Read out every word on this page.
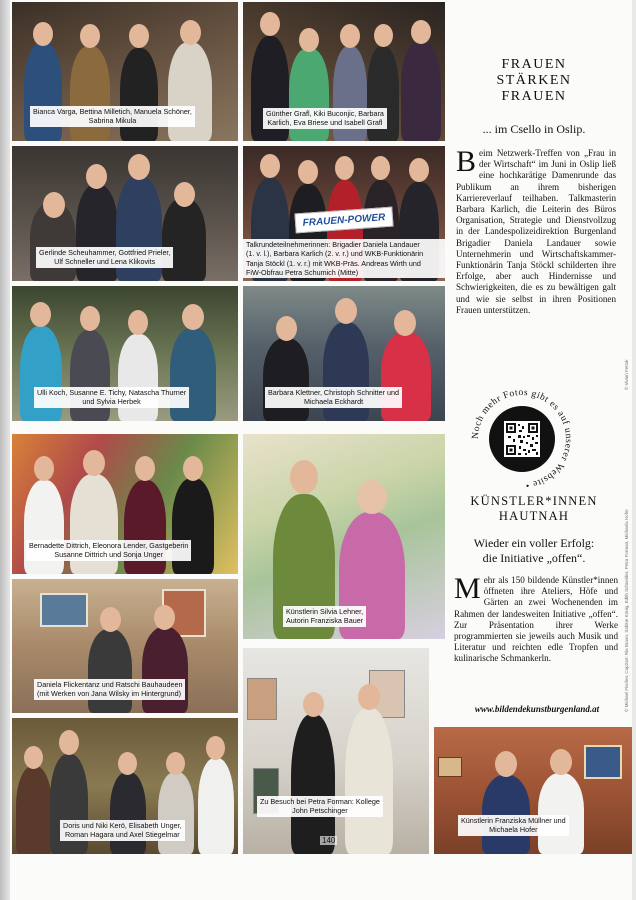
Bianca Varga, Bettina Milletich, Manuela Schöner,
Sabrina Mikula
Günther Grafl, Kiki Buconjic, Barbara
Karlich, Eva Briese und Isabell Grafl
Gerlinde Scheuhammer, Gottfried Prieler,
Ulf Schneller und Lena Klikovits
FRAUEN-POWER
Talkrundeteilnehmerinnen: Brigadier Daniela Landauer
(1. v. l.), Barbara Karlich (2. v. r.) und WKB-Funktionärin
Tanja Stöckl (1. v. r.) mit WKB-Präs. Andreas Wirth und
FiW-Obfrau Petra Schumich (Mitte)
Ulli Koch, Susanne E. Tichy, Natascha Thurner
und Sylvia Herbek
Barbara Klettner, Christoph Schnitter und
Michaela Eckhardt
Bernadette Dittrich, Eleonora Lender, Gastgeberin
Susanne Dittrich und Sonja Unger
Künstlerin Silvia Lehner,
Autorin Franziska Bauer
Daniela Flickentanz und Ratschi Bauhaudeen
(mit Werken von Jana Wilsky im Hintergrund)
Doris und Niki Kerö, Elisabeth Unger,
Roman Hagara und Axel Stiegelmar
Zu Besuch bei Petra Forman: Kollege
John Petschinger
140
Künstlerin Franziska Müllner und
Michaela Hofer
FRAUEN
STÄRKEN
FRAUEN
... im Csello in Oslip.
Beim Netzwerk-Treffen von „Frau in der Wirtschaft“ im Juni in Oslip ließ eine hochkarätige Damenrunde das Publikum an ihrem bisherigen Karriereverlauf teilhaben. Talkmasterin Barbara Karlich, die Leiterin des Büros Organisation, Strategie und Dienstvollzug in der Landespolizeidirektion Burgenland Brigadier Daniela Landauer sowie Unternehmerin und Wirtschaftskammer-Funktionärin Tanja Stöckl schilderten ihre Erfolge, aber auch Hindernisse und Schwierigkeiten, die es zu bewältigen galt und wie sie selbst in ihren Positionen Frauen unterstützen.
Noch mehr Fotos gibt es auf unserer Website •
KÜNSTLER*INNEN
HAUTNAH
Wieder ein voller Erfolg:
die Initiative „offen“.
Mehr als 150 bildende Künstler*innen öffneten ihre Ateliers, Höfe und Gärten an zwei Wochenenden im Rahmen der landesweiten Initiative „offen“. Zur Präsentation ihrer Werke programmierten sie jeweils auch Musik und Literatur und reichten edle Tropfen und kulinarische Schmankerln.
www.bildendekunstburgenland.at
© Vivian Fettuk
© Michael Fischer, Cap2art: Ria Braun, Sabine König, Edith Schneider, Petra Forman, Michaela Hofer
